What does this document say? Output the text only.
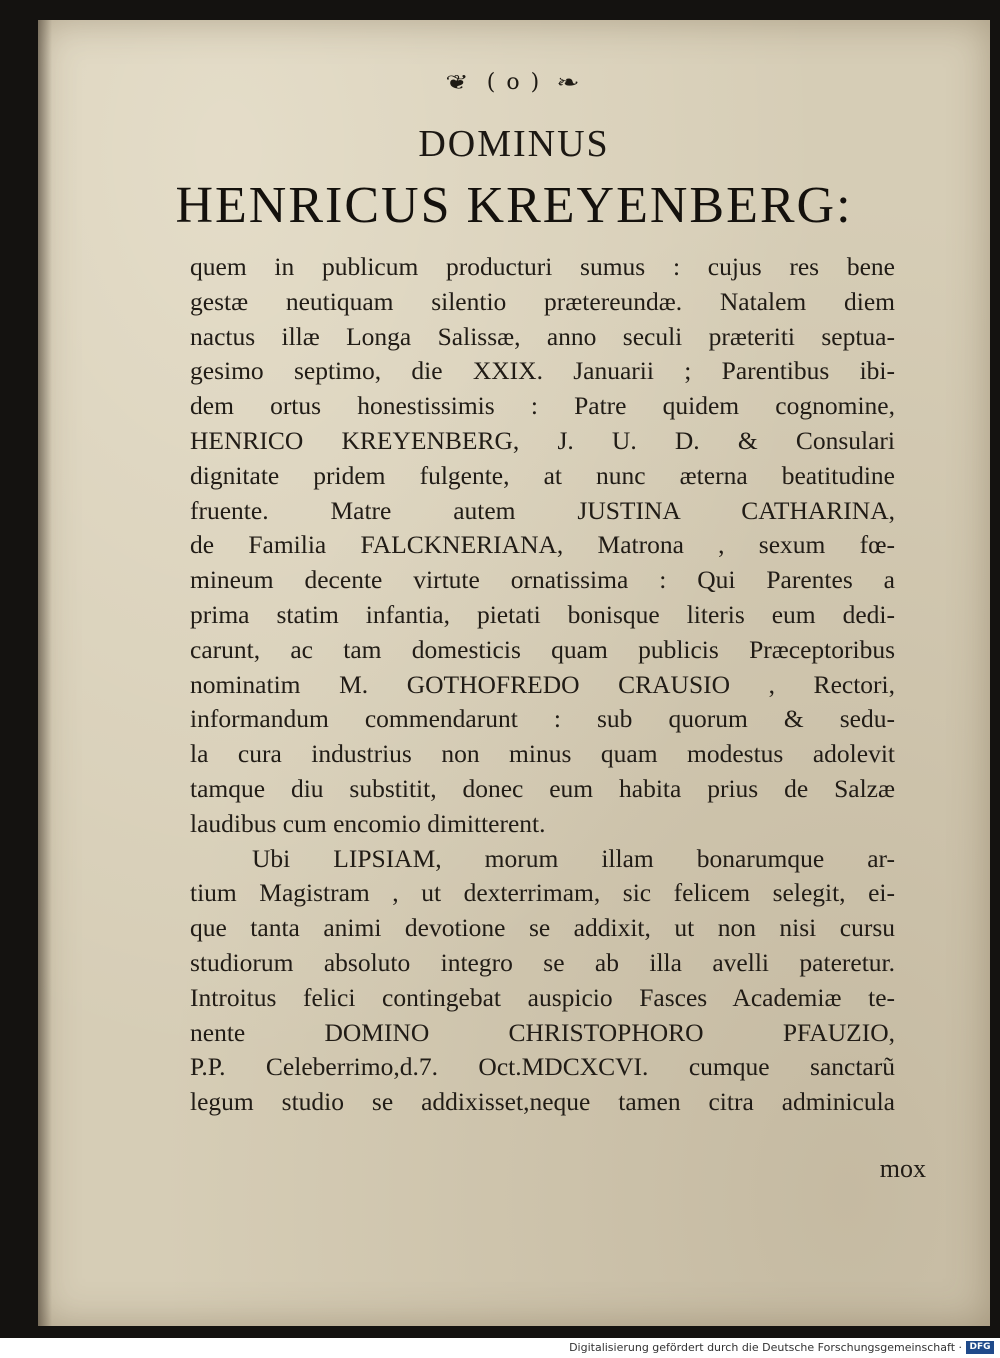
❦ ( o ) ❧
DOMINUS
HENRICUS KREYENBERG:
mox
quem in publicum producturi sumus : cujus res bene
gestæ neutiquam silentio prætereundæ. Natalem diem
nactus illæ Longa Salissæ, anno seculi præteriti septua-
gesimo septimo, die XXIX. Januarii ; Parentibus ibi-
dem ortus honestissimis : Patre quidem cognomine,
HENRICO KREYENBERG, J. U. D. & Consulari
dignitate pridem fulgente, at nunc æterna beatitudine
fruente. Matre autem JUSTINA CATHARINA,
de Familia FALCKNERIANA, Matrona , sexum fœ-
mineum decente virtute ornatissima : Qui Parentes a
prima statim infantia, pietati bonisque literis eum dedi-
carunt, ac tam domesticis quam publicis Præceptoribus
nominatim M. GOTHOFREDO CRAUSIO , Rectori,
informandum commendarunt : sub quorum & sedu-
la cura industrius non minus quam modestus adolevit
tamque diu substitit, donec eum habita prius de Salzæ
laudibus cum encomio dimitterent.
Ubi LIPSIAM, morum illam bonarumque ar-
tium Magistram , ut dexterrimam, sic felicem selegit, ei-
que tanta animi devotione se addixit, ut non nisi cursu
studiorum absoluto integro se ab illa avelli pateretur.
Introitus felici contingebat auspicio Fasces Academiæ te-
nente DOMINO CHRISTOPHORO PFAUZIO,
P.P. Celeberrimo,d.7. Oct.MDCXCVI. cumque sanctarũ
legum studio se addixisset,neque tamen citra adminicula
Digitalisierung gefördert durch die Deutsche Forschungsgemeinschaft · DFG
